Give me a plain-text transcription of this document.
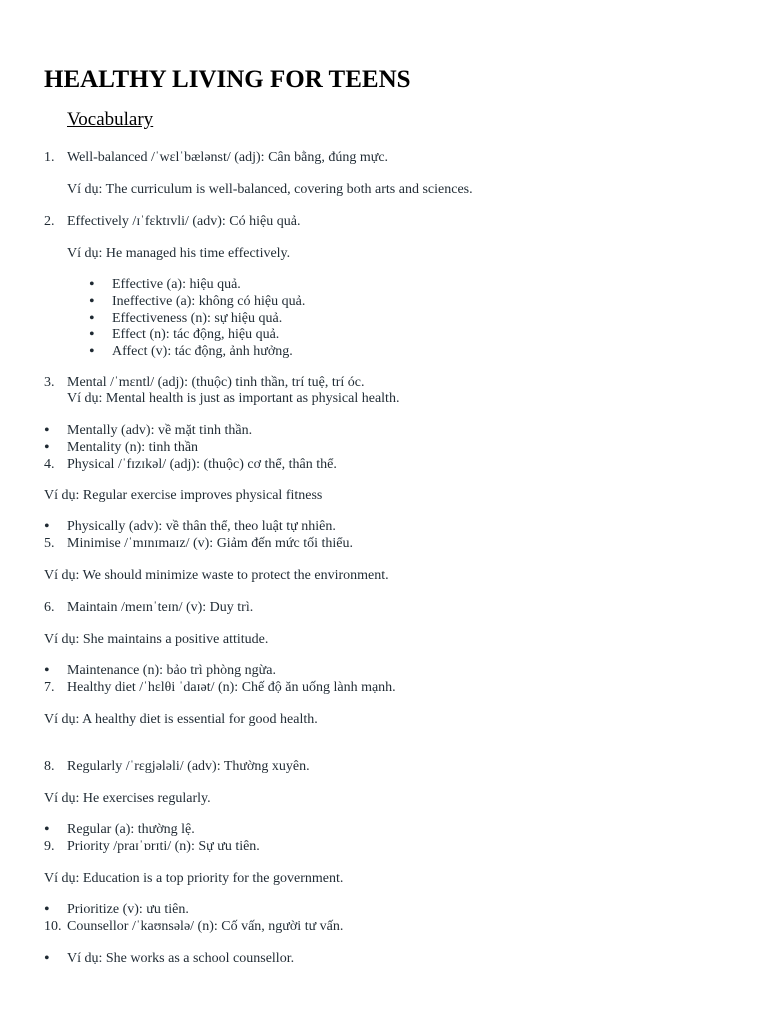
HEALTHY LIVING FOR TEENS
Vocabulary
1. Well-balanced /ˈwɛlˈbælənst/ (adj): Cân bằng, đúng mực.
Ví dụ: The curriculum is well-balanced, covering both arts and sciences.
2. Effectively /ɪˈfɛktɪvli/ (adv): Có hiệu quả.
Ví dụ: He managed his time effectively.
• Effective (a): hiệu quả.
• Ineffective (a): không có hiệu quả.
• Effectiveness (n): sự hiệu quả.
• Effect (n): tác động, hiệu quả.
• Affect (v): tác động, ảnh hưởng.
3. Mental /ˈmɛntl/ (adj): (thuộc) tinh thần, trí tuệ, trí óc.
Ví dụ: Mental health is just as important as physical health.
• Mentally (adv): về mặt tinh thần.
• Mentality (n): tinh thần
4. Physical /ˈfɪzɪkəl/ (adj): (thuộc) cơ thể, thân thể.
Ví dụ: Regular exercise improves physical fitness
• Physically (adv): về thân thể, theo luật tự nhiên.
5. Minimise /ˈmɪnɪmaɪz/ (v): Giảm đến mức tối thiểu.
Ví dụ: We should minimize waste to protect the environment.
6. Maintain /meɪnˈteɪn/ (v): Duy trì.
Ví dụ: She maintains a positive attitude.
• Maintenance (n): bảo trì phòng ngừa.
7. Healthy diet /ˈhɛlθi ˈdaɪət/ (n): Chế độ ăn uống lành mạnh.
Ví dụ: A healthy diet is essential for good health.
8. Regularly /ˈrɛgjələli/ (adv): Thường xuyên.
Ví dụ: He exercises regularly.
• Regular (a): thường lệ.
9. Priority /praɪˈɒrɪti/ (n): Sự ưu tiên.
Ví dụ: Education is a top priority for the government.
• Prioritize (v): ưu tiên.
10. Counsellor /ˈkaʊnsələ/ (n): Cố vấn, người tư vấn.
• Ví dụ: She works as a school counsellor.
